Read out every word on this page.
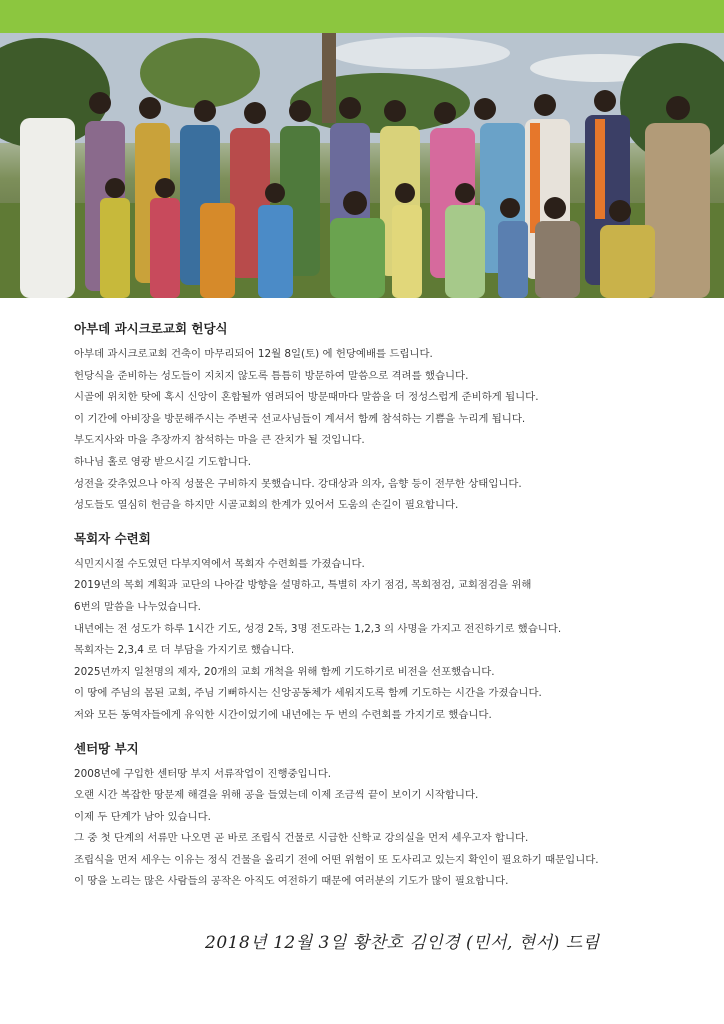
아부데 과시크로교회 헌당식

아부데 과시크로교회 건축이 마무리되어 12월 8일(토) 에 헌당예배를 드립니다.

헌당식을 준비하는 성도들이 지치지 않도록 틈틈히 방문하여 말씀으로 격려를 했습니다.

시골에 위치한 탓에 혹시 신앙이 혼합될까 염려되어 방문때마다 말씀을 더 정성스럽게 준비하게 됩니다.

이 기간에 아비장을 방문해주시는 주변국 선교사님들이 계셔서 함께 참석하는 기쁨을 누리게 됩니다.

부도지사와 마을 추장까지 참석하는 마을 큰 잔치가 될 것입니다.

하나님 홀로 영광 받으시길 기도합니다.

성전을 갖추었으나 아직 성물은 구비하지 못했습니다. 강대상과 의자, 음향 등이 전무한 상태입니다.

성도들도 열심히 헌금을 하지만 시골교회의 한계가 있어서 도움의 손길이 필요합니다.

목회자 수련회

식민지시절 수도였던 다부지역에서 목회자 수련회를 가졌습니다.

2019년의 목회 계획과 교단의 나아갈 방향을 설명하고, 특별히 자기 점검, 목회점검, 교회점검을 위해

6번의 말씀을 나누었습니다.

내년에는 전 성도가 하루 1시간 기도, 성경 2독, 3명 전도라는 1,2,3 의 사명을 가지고 전진하기로 했습니다.

목회자는 2,3,4 로 더 부담을 가지기로 했습니다.

2025년까지 일천명의 제자, 20개의 교회 개척을 위해 함께 기도하기로 비전을 선포했습니다.

이 땅에 주님의 몸된 교회, 주님 기뻐하시는 신앙공동체가 세워지도록 함께 기도하는 시간을 가졌습니다.

저와 모든 동역자들에게 유익한 시간이었기에 내년에는 두 번의 수련회를 가지기로 했습니다.

센터땅 부지

2008년에 구입한 센터땅 부지 서류작업이 진행중입니다.

오랜 시간 복잡한 땅문제 해결을 위해 공을 들였는데 이제 조금씩 끝이 보이기 시작합니다.

이제 두 단계가 남아 있습니다.

그 중 첫 단계의 서류만 나오면 곧 바로 조립식 건물로 시급한 신학교 강의실을 먼저 세우고자 합니다.

조립식을 먼저 세우는 이유는 정식 건물을 올리기 전에 어떤 위험이 또 도사리고 있는지 확인이 필요하기 때문입니다.

이 땅을 노리는 많은 사람들의 공작은 아직도 여전하기 때문에 여러분의 기도가 많이 필요합니다.

2018년 12월 3일 황찬호 김인경 (민서, 현서) 드림
